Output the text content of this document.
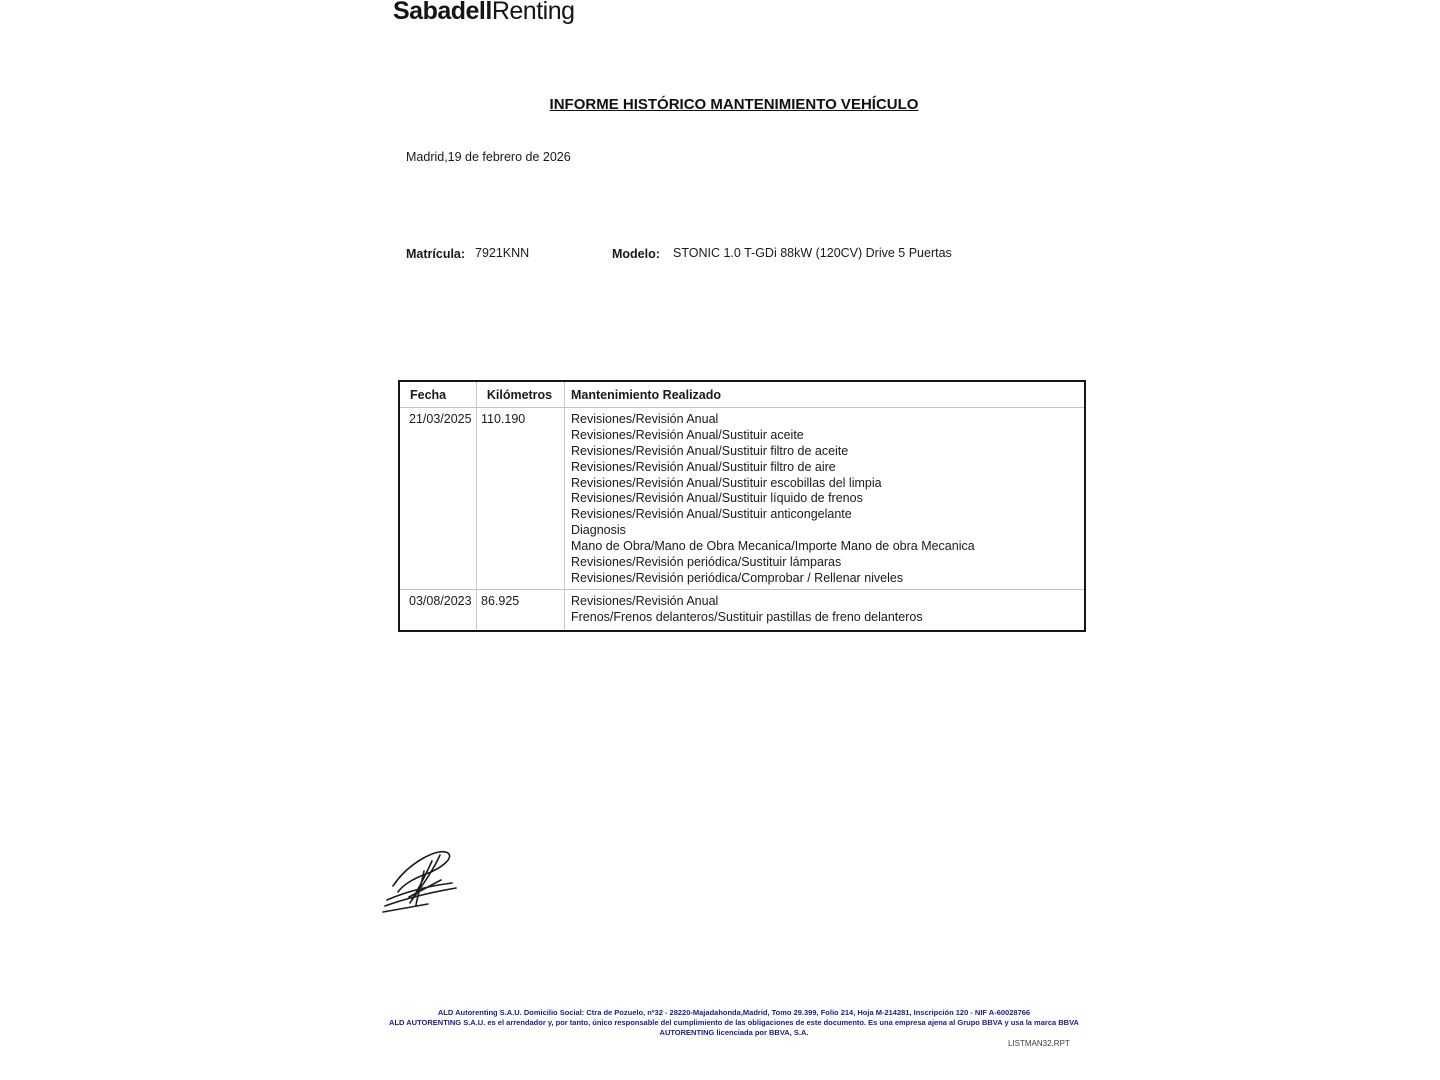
SabadellRenting
INFORME HISTÓRICO MANTENIMIENTO VEHÍCULO
Madrid,19 de febrero de 2026
Matrícula: 7921KNN	Modelo: STONIC 1.0 T-GDi 88kW (120CV) Drive 5 Puertas
Fecha	Kilómetros	Mantenimiento Realizado
21/03/2025 110.190	Revisiones/Revisión Anual
Revisiones/Revisión Anual/Sustituir aceite
Revisiones/Revisión Anual/Sustituir filtro de aceite
Revisiones/Revisión Anual/Sustituir filtro de aire
Revisiones/Revisión Anual/Sustituir escobillas del limpia
Revisiones/Revisión Anual/Sustituir líquido de frenos
Revisiones/Revisión Anual/Sustituir anticongelante
Diagnosis
Mano de Obra/Mano de Obra Mecanica/Importe Mano de obra Mecanica
Revisiones/Revisión periódica/Sustituir lámparas
Revisiones/Revisión periódica/Comprobar / Rellenar niveles
03/08/2023 86.925	Revisiones/Revisión Anual
Frenos/Frenos delanteros/Sustituir pastillas de freno delanteros
ALD Autorenting S.A.U. Domicilio Social: Ctra de Pozuelo, nº32 - 28220-Majadahonda,Madrid, Tomo 29.399, Folio 214, Hoja M-214281, Inscripción 120 - NIF A-60028766
ALD AUTORENTING S.A.U. es el arrendador y, por tanto, único responsable del cumplimiento de las obligaciones de este documento. Es una empresa ajena al Grupo BBVA y usa la marca BBVA
AUTORENTING licenciada por BBVA, S.A.
LISTMAN32.RPT
